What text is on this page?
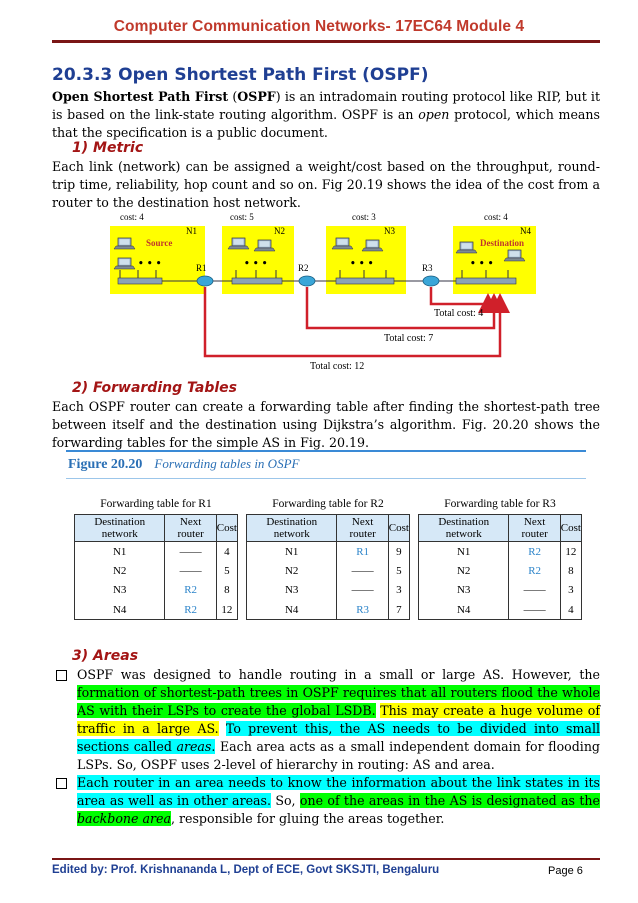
Computer Communication Networks- 17EC64 Module 4
20.3.3 Open Shortest Path First (OSPF)
Open Shortest Path First (OSPF) is an intradomain routing protocol like RIP, but it is based on the link-state routing algorithm. OSPF is an open protocol, which means that the specification is a public document.
1) Metric
Each link (network) can be assigned a weight/cost based on the throughput, round-trip time, reliability, hop count and so on. Fig 20.19 shows the idea of the cost from a router to the destination host network.
cost: 4	cost: 5	cost: 3	cost: 4
N1	N2	N3	N4
Source	Destination
• • •	• • •	• • •	• • •
R1	R2	R3
Total cost: 4
Total cost: 7
Total cost: 12
2) Forwarding Tables
Each OSPF router can create a forwarding table after finding the shortest-path tree between itself and the destination using Dijkstra’s algorithm. Fig. 20.20 shows the forwarding tables for the simple AS in Fig. 20.19.
Figure 20.20 Forwarding tables in OSPF
Forwarding table for R1
Destination network	Next router	Cost
N1	——	4
N2	——	5
N3	R2	8
N4	R2	12
Forwarding table for R2
Destination network	Next router	Cost
N1	R1	9
N2	——	5
N3	——	3
N4	R3	7
Forwarding table for R3
Destination network	Next router	Cost
N1	R2	12
N2	R2	8
N3	——	3
N4	——	4
3) Areas
OSPF was designed to handle routing in a small or large AS. However, the formation of shortest-path trees in OSPF requires that all routers flood the whole AS with their LSPs to create the global LSDB. This may create a huge volume of traffic in a large AS. To prevent this, the AS needs to be divided into small sections called areas. Each area acts as a small independent domain for flooding LSPs. So, OSPF uses 2-level of hierarchy in routing: AS and area.
Each router in an area needs to know the information about the link states in its area as well as in other areas. So, one of the areas in the AS is designated as the backbone area, responsible for gluing the areas together.
Edited by: Prof. Krishnananda L, Dept of ECE, Govt SKSJTI, Bengaluru	Page 6
